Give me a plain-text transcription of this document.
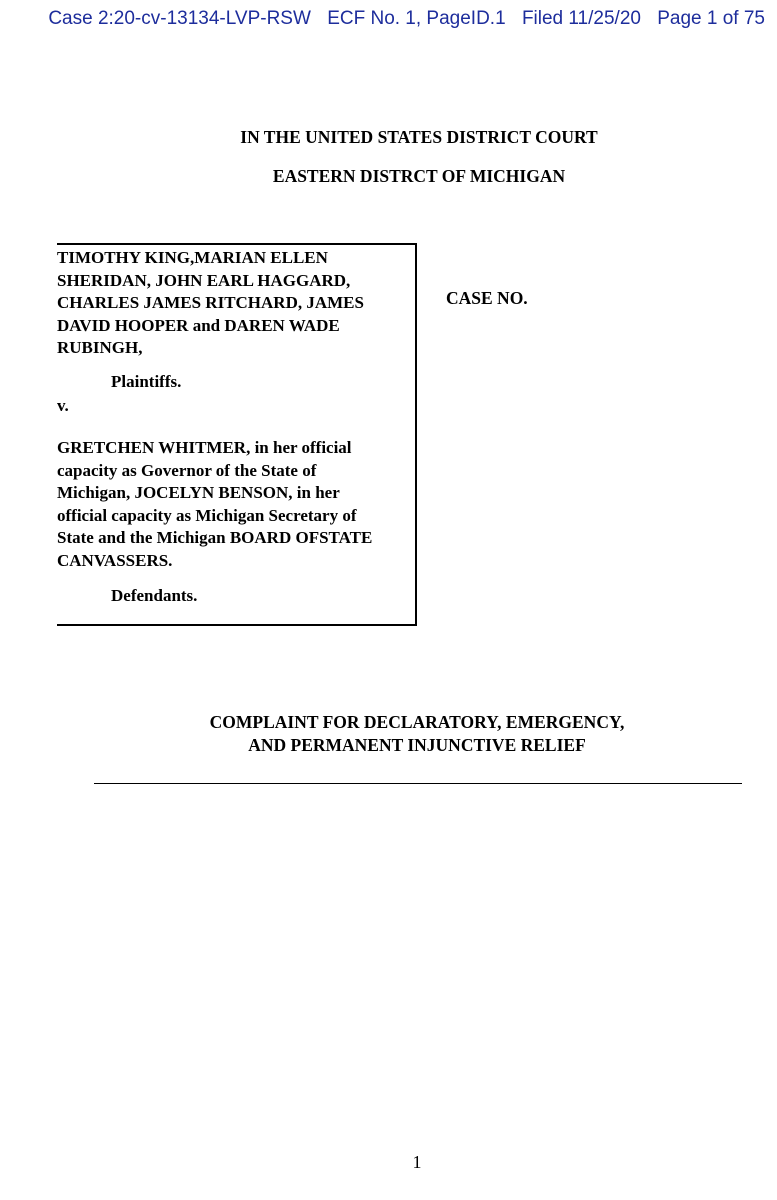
Case 2:20-cv-13134-LVP-RSW ECF No. 1, PageID.1 Filed 11/25/20 Page 1 of 75
IN THE UNITED STATES DISTRICT COURT
EASTERN DISTRCT OF MICHIGAN
TIMOTHY KING,MARIAN ELLEN
SHERIDAN, JOHN EARL HAGGARD,
CHARLES JAMES RITCHARD, JAMES
DAVID HOOPER and DAREN WADE
RUBINGH,
Plaintiffs.
v.
GRETCHEN WHITMER, in her official
capacity as Governor of the State of
Michigan, JOCELYN BENSON, in her
official capacity as Michigan Secretary of
State and the Michigan BOARD OFSTATE
CANVASSERS.
Defendants.
CASE NO.
COMPLAINT FOR DECLARATORY, EMERGENCY,
AND PERMANENT INJUNCTIVE RELIEF
1
